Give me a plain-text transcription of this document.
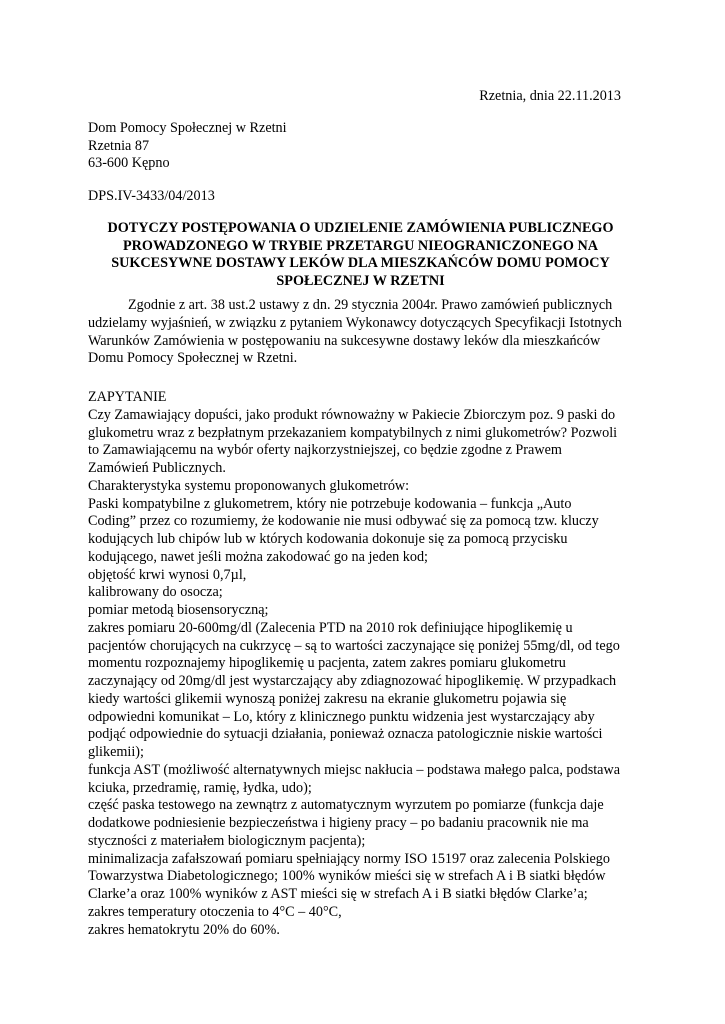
Rzetnia, dnia 22.11.2013
Dom Pomocy Społecznej w Rzetni
Rzetnia 87
63-600 Kępno
DPS.IV-3433/04/2013
DOTYCZY POSTĘPOWANIA O UDZIELENIE ZAMÓWIENIA PUBLICZNEGO
PROWADZONEGO W TRYBIE PRZETARGU NIEOGRANICZONEGO NA
SUKCESYWNE DOSTAWY LEKÓW DLA MIESZKAŃCÓW DOMU POMOCY
SPOŁECZNEJ W RZETNI
Zgodnie z art. 38 ust.2 ustawy z dn. 29 stycznia 2004r. Prawo zamówień publicznych
udzielamy wyjaśnień, w związku z pytaniem Wykonawcy dotyczących Specyfikacji Istotnych
Warunków Zamówienia w postępowaniu na sukcesywne dostawy leków dla mieszkańców
Domu Pomocy Społecznej w Rzetni.
ZAPYTANIE
Czy Zamawiający dopuści, jako produkt równoważny w Pakiecie Zbiorczym poz. 9 paski do
glukometru wraz z bezpłatnym przekazaniem kompatybilnych z nimi glukometrów? Pozwoli
to Zamawiającemu na wybór oferty najkorzystniejszej, co będzie zgodne z Prawem
Zamówień Publicznych.
Charakterystyka systemu proponowanych glukometrów:
Paski kompatybilne z glukometrem, który nie potrzebuje kodowania – funkcja „Auto
Coding” przez co rozumiemy, że kodowanie nie musi odbywać się za pomocą tzw. kluczy
kodujących lub chipów lub w których kodowania dokonuje się za pomocą przycisku
kodującego, nawet jeśli można zakodować go na jeden kod;
objętość krwi wynosi 0,7µl,
kalibrowany do osocza;
pomiar metodą biosensoryczną;
zakres pomiaru 20-600mg/dl (Zalecenia PTD na 2010 rok definiujące hipoglikemię u
pacjentów chorujących na cukrzycę – są to wartości zaczynające się poniżej 55mg/dl, od tego
momentu rozpoznajemy hipoglikemię u pacjenta, zatem zakres pomiaru glukometru
zaczynający od 20mg/dl jest wystarczający aby zdiagnozować hipoglikemię. W przypadkach
kiedy wartości glikemii wynoszą poniżej zakresu na ekranie glukometru pojawia się
odpowiedni komunikat – Lo, który z klinicznego punktu widzenia jest wystarczający aby
podjąć odpowiednie do sytuacji działania, ponieważ oznacza patologicznie niskie wartości
glikemii);
funkcja AST (możliwość alternatywnych miejsc nakłucia – podstawa małego palca, podstawa
kciuka, przedramię, ramię, łydka, udo);
część paska testowego na zewnątrz z automatycznym wyrzutem po pomiarze (funkcja daje
dodatkowe podniesienie bezpieczeństwa i higieny pracy – po badaniu pracownik nie ma
styczności z materiałem biologicznym pacjenta);
minimalizacja zafałszowań pomiaru spełniający normy ISO 15197 oraz zalecenia Polskiego
Towarzystwa Diabetologicznego; 100% wyników mieści się w strefach A i B siatki błędów
Clarke’a oraz 100% wyników z AST mieści się w strefach A i B siatki błędów Clarke’a;
zakres temperatury otoczenia to 4°C – 40°C,
zakres hematokrytu 20% do 60%.
